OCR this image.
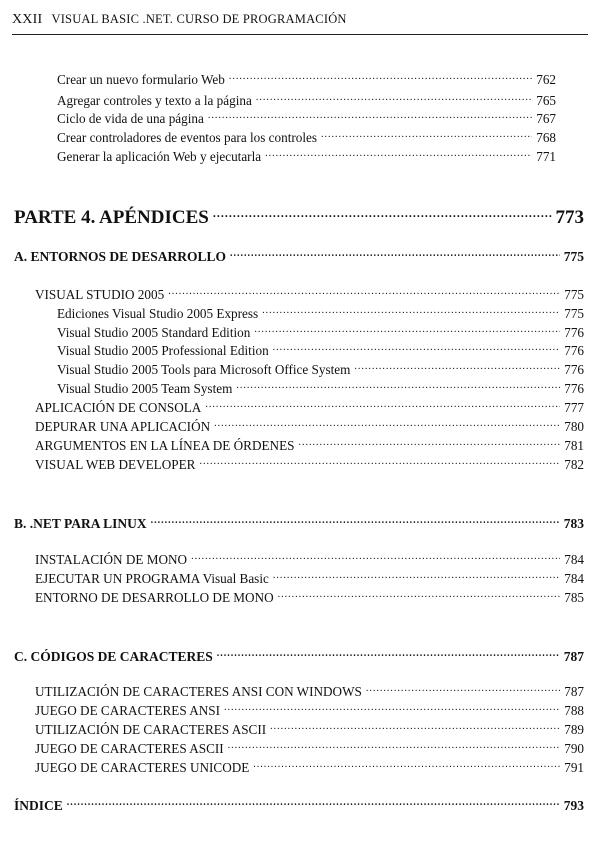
XXII VISUAL BASIC .NET. CURSO DE PROGRAMACIÓN
Crear un nuevo formulario Web .....	762
Agregar controles y texto a la página .....	765
Ciclo de vida de una página .....	767
Crear controladores de eventos para los controles .....	768
Generar la aplicación Web y ejecutarla .....	771
PARTE 4. APÉNDICES .....	773
A. ENTORNOS DE DESARROLLO .....	775
VISUAL STUDIO 2005 .....	775
Ediciones Visual Studio 2005 Express .....	775
Visual Studio 2005 Standard Edition .....	776
Visual Studio 2005 Professional Edition .....	776
Visual Studio 2005 Tools para Microsoft Office System .....	776
Visual Studio 2005 Team System .....	776
APLICACIÓN DE CONSOLA .....	777
DEPURAR UNA APLICACIÓN .....	780
ARGUMENTOS EN LA LÍNEA DE ÓRDENES .....	781
VISUAL WEB DEVELOPER .....	782
B. .NET PARA LINUX .....	783
INSTALACIÓN DE MONO .....	784
EJECUTAR UN PROGRAMA Visual Basic .....	784
ENTORNO DE DESARROLLO DE MONO .....	785
C. CÓDIGOS DE CARACTERES .....	787
UTILIZACIÓN DE CARACTERES ANSI CON WINDOWS .....	787
JUEGO DE CARACTERES ANSI .....	788
UTILIZACIÓN DE CARACTERES ASCII .....	789
JUEGO DE CARACTERES ASCII .....	790
JUEGO DE CARACTERES UNICODE .....	791
ÍNDICE .....	793
